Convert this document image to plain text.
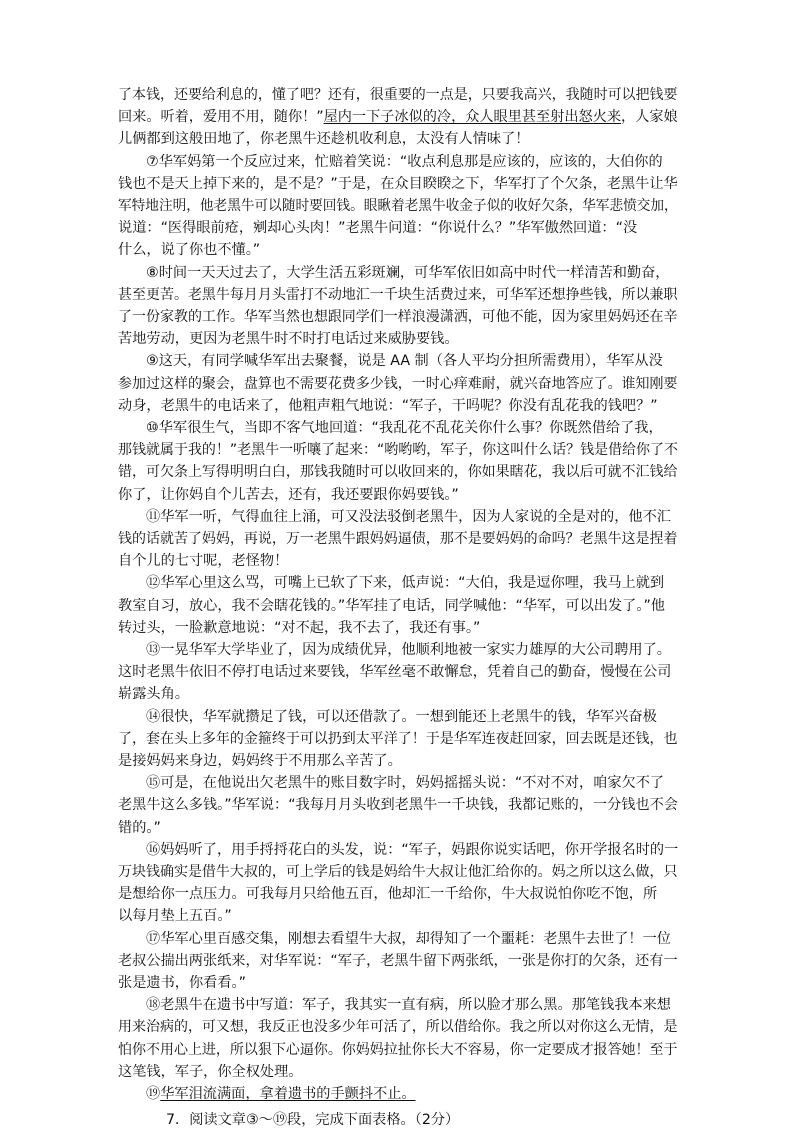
了本钱，还要给利息的，懂了吧？还有，很重要的一点是，只要我高兴，我随时可以把钱要
回来。听着，爱用不用，随你！”屋内一下子冰似的冷，众人眼里甚至射出怒火来，人家娘
儿俩都到这般田地了，你老黑牛还趁机收利息，太没有人情味了！
⑦华军妈第一个反应过来，忙赔着笑说：“收点利息那是应该的，应该的，大伯你的
钱也不是天上掉下来的，是不是？”于是，在众目睽睽之下，华军打了个欠条，老黑牛让华
军特地注明，他老黑牛可以随时要回钱。眼瞅着老黑牛收金子似的收好欠条，华军悲愤交加，
说道：“医得眼前疮，剜却心头肉！”老黑牛问道：“你说什么？”华军傲然回道：“没
什么，说了你也不懂。”
⑧时间一天天过去了，大学生活五彩斑斓，可华军依旧如高中时代一样清苦和勤奋，
甚至更苦。老黑牛每月月头雷打不动地汇一千块生活费过来，可华军还想挣些钱，所以兼职
了一份家教的工作。华军当然也想跟同学们一样浪漫潇洒，可他不能，因为家里妈妈还在辛
苦地劳动，更因为老黑牛时不时打电话过来威胁要钱。
⑨这天，有同学喊华军出去聚餐，说是 AA 制（各人平均分担所需费用），华军从没
参加过这样的聚会，盘算也不需要花费多少钱，一时心痒难耐，就兴奋地答应了。谁知刚要
动身，老黑牛的电话来了，他粗声粗气地说：“军子，干吗呢？你没有乱花我的钱吧？”
⑩华军很生气，当即不客气地回道：“我乱花不乱花关你什么事？你既然借给了我，
那钱就属于我的！”老黑牛一听嚷了起来：“哟哟哟，军子，你这叫什么话？钱是借给你了不
错，可欠条上写得明明白白，那钱我随时可以收回来的，你如果瞎花，我以后可就不汇钱给
你了，让你妈自个儿苦去，还有，我还要跟你妈要钱。”
⑪华军一听，气得血往上涌，可又没法驳倒老黑牛，因为人家说的全是对的，他不汇
钱的话就苦了妈妈，再说，万一老黑牛跟妈妈逼债，那不是要妈妈的命吗？老黑牛这是捏着
自个儿的七寸呢，老怪物！
⑫华军心里这么骂，可嘴上已软了下来，低声说：“大伯，我是逗你哩，我马上就到
教室自习，放心，我不会瞎花钱的。”华军挂了电话，同学喊他：“华军，可以出发了。”他
转过头，一脸歉意地说：“对不起，我不去了，我还有事。”
⑬一晃华军大学毕业了，因为成绩优异，他顺利地被一家实力雄厚的大公司聘用了。
这时老黑牛依旧不停打电话过来要钱，华军丝毫不敢懈怠，凭着自己的勤奋，慢慢在公司
崭露头角。
⑭很快，华军就攒足了钱，可以还借款了。一想到能还上老黑牛的钱，华军兴奋极
了，套在头上多年的金箍终于可以扔到太平洋了！于是华军连夜赶回家，回去既是还钱，也
是接妈妈来身边，妈妈终于不用那么辛苦了。
⑮可是，在他说出欠老黑牛的账目数字时，妈妈摇摇头说：“不对不对，咱家欠不了
老黑牛这么多钱。”华军说：“我每月月头收到老黑牛一千块钱，我都记账的，一分钱也不会
错的。”
⑯妈妈听了，用手捋捋花白的头发，说：“军子，妈跟你说实话吧，你开学报名时的一
万块钱确实是借牛大叔的，可上学后的钱是妈给牛大叔让他汇给你的。妈之所以这么做，只
是想给你一点压力。可我每月只给他五百，他却汇一千给你，牛大叔说怕你吃不饱，所
以每月垫上五百。”
⑰华军心里百感交集，刚想去看望牛大叔，却得知了一个噩耗：老黑牛去世了！一位
老叔公揣出两张纸来，对华军说：“军子，老黑牛留下两张纸，一张是你打的欠条，还有一
张是遗书，你看看。”
⑱老黑牛在遗书中写道：军子，我其实一直有病，所以脸才那么黑。那笔钱我本来想
用来治病的，可又想，我反正也没多少年可活了，所以借给你。我之所以对你这么无情，是
怕你不用心上进，所以狠下心逼你。你妈妈拉扯你长大不容易，你一定要成才报答她！至于
这笔钱，军子，你全权处理。
⑲华军泪流满面，拿着遗书的手颤抖不止。
7．阅读文章③～⑲段，完成下面表格。（2分）
